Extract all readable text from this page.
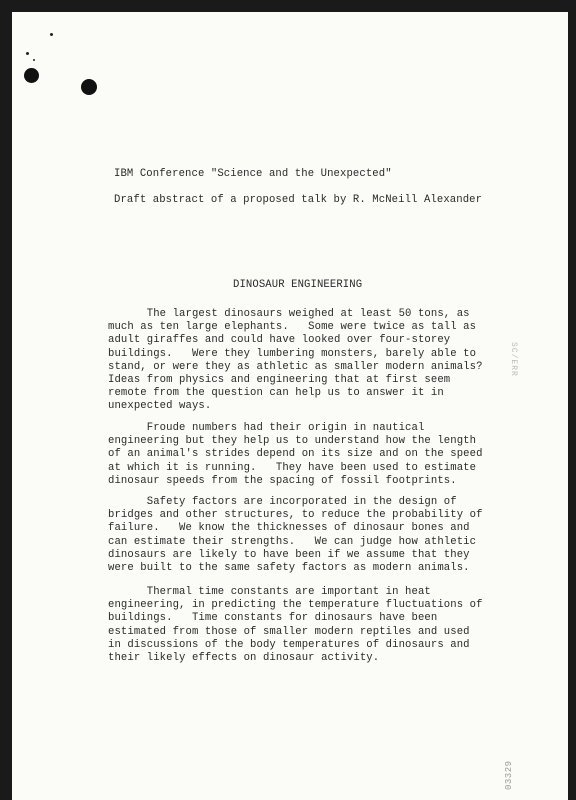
IBM Conference "Science and the Unexpected"
Draft abstract of a proposed talk by R. McNeill Alexander
DINOSAUR ENGINEERING
The largest dinosaurs weighed at least 50 tons, as
much as ten large elephants.   Some were twice as tall as
adult giraffes and could have looked over four-storey
buildings.   Were they lumbering monsters, barely able to
stand, or were they as athletic as smaller modern animals?
Ideas from physics and engineering that at first seem
remote from the question can help us to answer it in
unexpected ways.
Froude numbers had their origin in nautical
engineering but they help us to understand how the length
of an animal's strides depend on its size and on the speed
at which it is running.   They have been used to estimate
dinosaur speeds from the spacing of fossil footprints.
Safety factors are incorporated in the design of
bridges and other structures, to reduce the probability of
failure.   We know the thicknesses of dinosaur bones and
can estimate their strengths.   We can judge how athletic
dinosaurs are likely to have been if we assume that they
were built to the same safety factors as modern animals.
Thermal time constants are important in heat
engineering, in predicting the temperature fluctuations of
buildings.   Time constants for dinosaurs have been
estimated from those of smaller modern reptiles and used
in discussions of the body temperatures of dinosaurs and
their likely effects on dinosaur activity.
SC/ERR
03329
